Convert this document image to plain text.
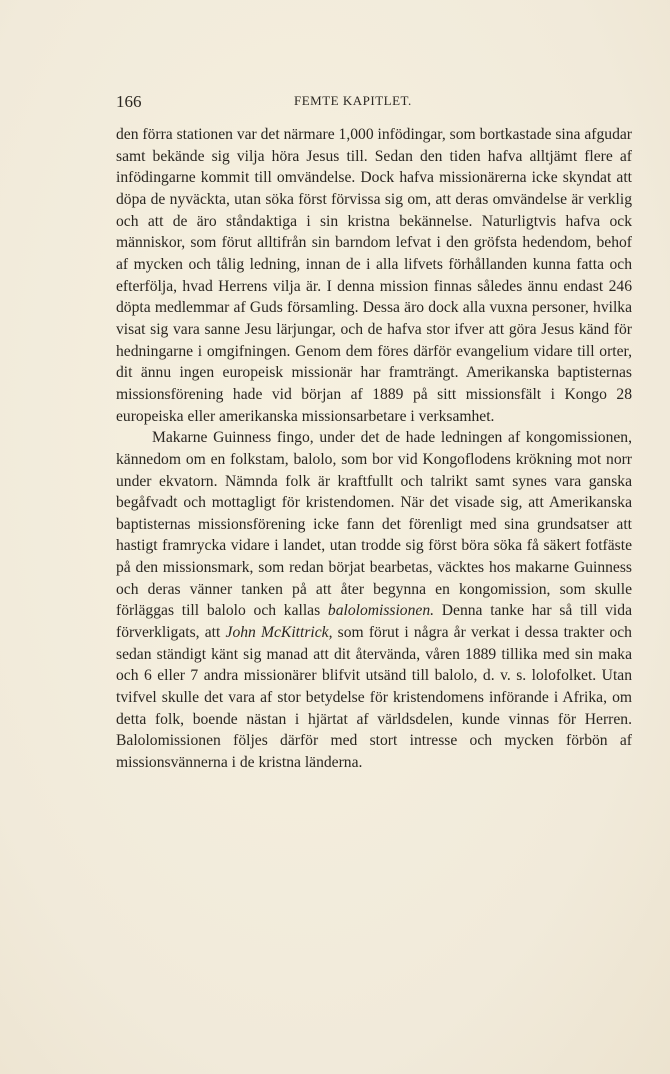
166	FEMTE KAPITLET.

den förra stationen var det närmare 1,000 infödingar, som bortkastade sina afgudar samt bekände sig vilja höra Jesus till. Sedan den tiden hafva alltjämt flere af infödingarne kommit till omvändelse. Dock hafva missionärerna icke skyndat att döpa de nyväckta, utan söka först förvissa sig om, att deras omvändelse är verklig och att de äro ståndaktiga i sin kristna bekännelse. Naturligtvis hafva ock människor, som förut alltifrån sin barndom lefvat i den gröfsta hedendom, behof af mycken och tålig ledning, innan de i alla lifvets förhållanden kunna fatta och efterfölja, hvad Herrens vilja är. I denna mission finnas således ännu endast 246 döpta medlemmar af Guds församling. Dessa äro dock alla vuxna personer, hvilka visat sig vara sanne Jesu lärjungar, och de hafva stor ifver att göra Jesus känd för hedningarne i omgifningen. Genom dem föres därför evangelium vidare till orter, dit ännu ingen europeisk missionär har framträngt. Amerikanska baptisternas missionsförening hade vid början af 1889 på sitt missionsfält i Kongo 28 europeiska eller amerikanska missionsarbetare i verksamhet.

Makarne Guinness fingo, under det de hade ledningen af kongomissionen, kännedom om en folkstam, balolo, som bor vid Kongoflodens krökning mot norr under ekvatorn. Nämnda folk är kraftfullt och talrikt samt synes vara ganska begåfvadt och mottagligt för kristendomen. När det visade sig, att Amerikanska baptisternas missionsförening icke fann det förenligt med sina grundsatser att hastigt framrycka vidare i landet, utan trodde sig först böra söka få säkert fotfäste på den missionsmark, som redan börjat bearbetas, väcktes hos makarne Guinness och deras vänner tanken på att åter begynna en kongomission, som skulle förläggas till balolo och kallas balolomissionen. Denna tanke har så till vida förverkligats, att John McKittrick, som förut i några år verkat i dessa trakter och sedan ständigt känt sig manad att dit återvända, våren 1889 tillika med sin maka och 6 eller 7 andra missionärer blifvit utsänd till balolo, d. v. s. lolofolket. Utan tvifvel skulle det vara af stor betydelse för kristendomens införande i Afrika, om detta folk, boende nästan i hjärtat af världsdelen, kunde vinnas för Herren. Balolomissionen följes därför med stort intresse och mycken förbön af missionsvännerna i de kristna länderna.
